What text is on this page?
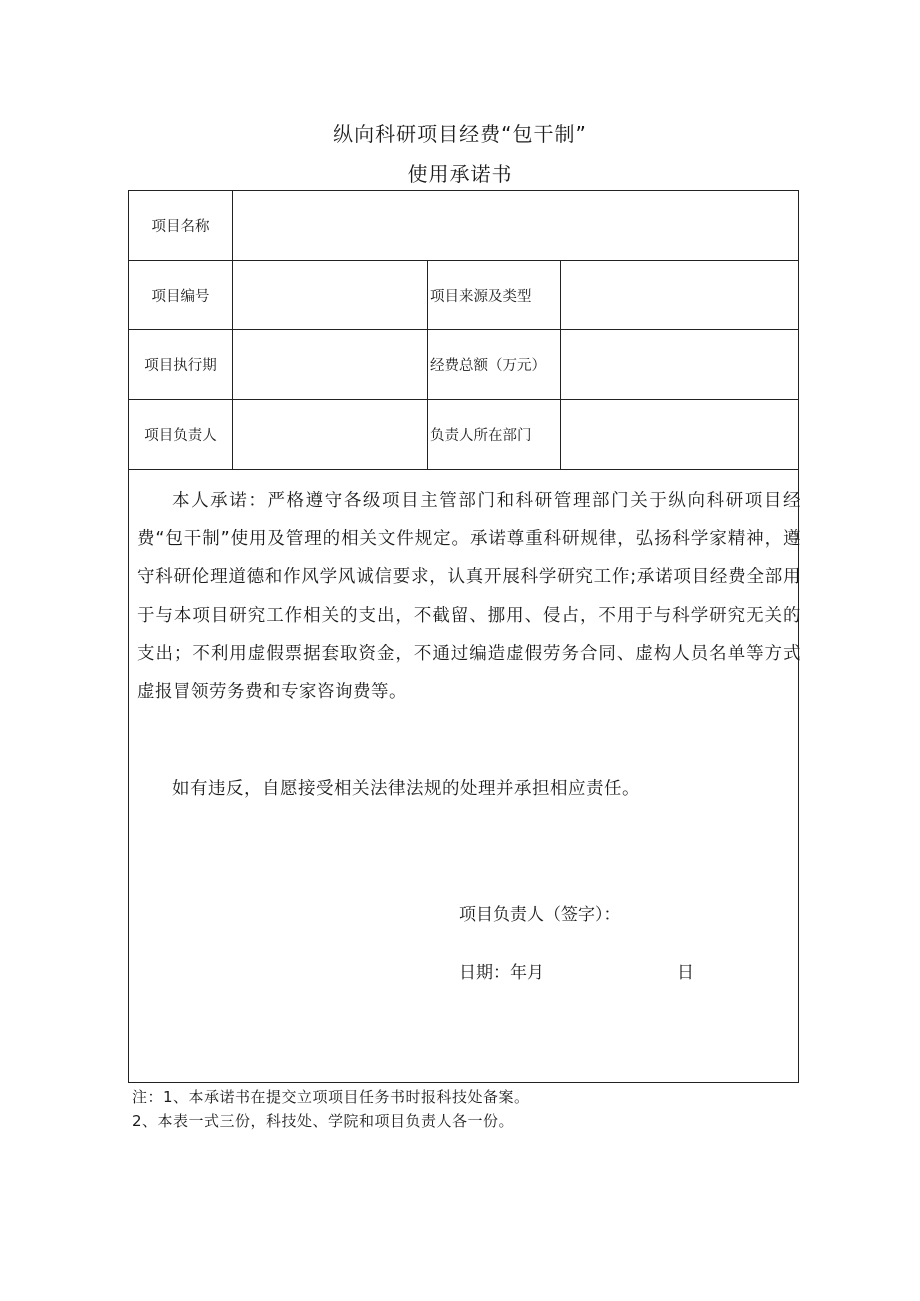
纵向科研项目经费“包干制”
使用承诺书
项目名称			
项目编号		项目来源及类型	
项目执行期		经费总额（万元）	
项目负责人		负责人所在部门	

本人承诺：严格遵守各级项目主管部门和科研管理部门关于纵向科研项目经费“包干制”使用及管理的相关文件规定。承诺尊重科研规律，弘扬科学家精神，遵守科研伦理道德和作风学风诚信要求，认真开展科学研究工作;承诺项目经费全部用于与本项目研究工作相关的支出，不截留、挪用、侵占，不用于与科学研究无关的支出；不利用虚假票据套取资金，不通过编造虚假劳务合同、虚构人员名单等方式虚报冒领劳务费和专家咨询费等。

如有违反，自愿接受相关法律法规的处理并承担相应责任。

项目负责人（签字）：

日期：年月 日			

注：1、本承诺书在提交立项项目任务书时报科技处备案。

2、本表一式三份，科技处、学院和项目负责人各一份。
